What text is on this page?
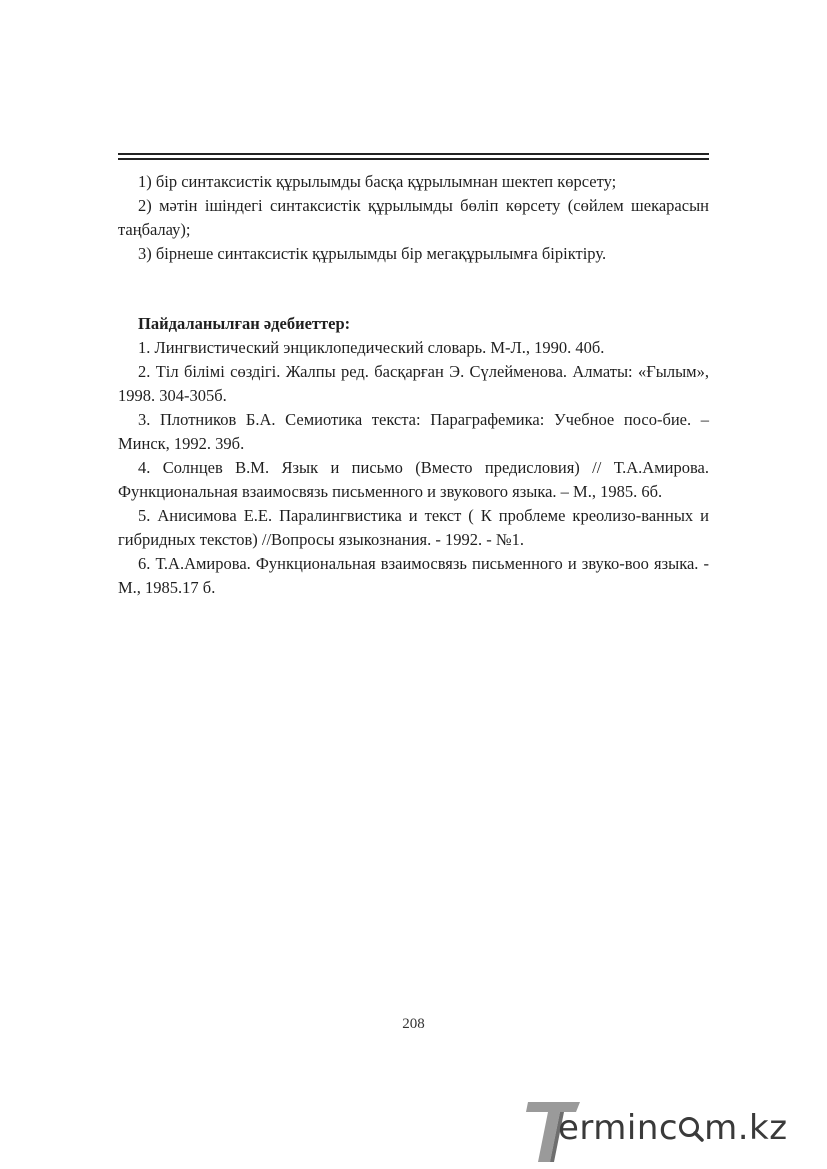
1) бір синтаксистік құрылымды басқа құрылымнан шектеп көрсету;

2) мәтін ішіндегі синтаксистік құрылымды бөліп көрсету (сөйлем шекарасын таңбалау);

3) бірнеше синтаксистік құрылымды бір мегақұрылымға біріктіру.

Пайдаланылған әдебиеттер:

1. Лингвистический энциклопедический словарь. М-Л., 1990. 40б.

2. Тіл білімі сөздігі. Жалпы ред. басқарған Э. Сүлейменова. Алматы: «Ғылым», 1998. 304-305б.

3. Плотников Б.А. Семиотика текста: Параграфемика: Учебное посо-бие. –Минск, 1992. 39б.

4. Солнцев В.М. Язык и письмо (Вместо предисловия) // Т.А.Амирова. Функциональная взаимосвязь письменного и звукового языка. – М., 1985. 6б.

5. Анисимова Е.Е. Паралингвистика и текст ( К проблеме креолизо-ванных и гибридных текстов) //Вопросы языкознания. - 1992. - №1.

6. Т.А.Амирова. Функциональная взаимосвязь письменного и звуко-воо языка. - М., 1985.17 б.

208
erminc m.kz
